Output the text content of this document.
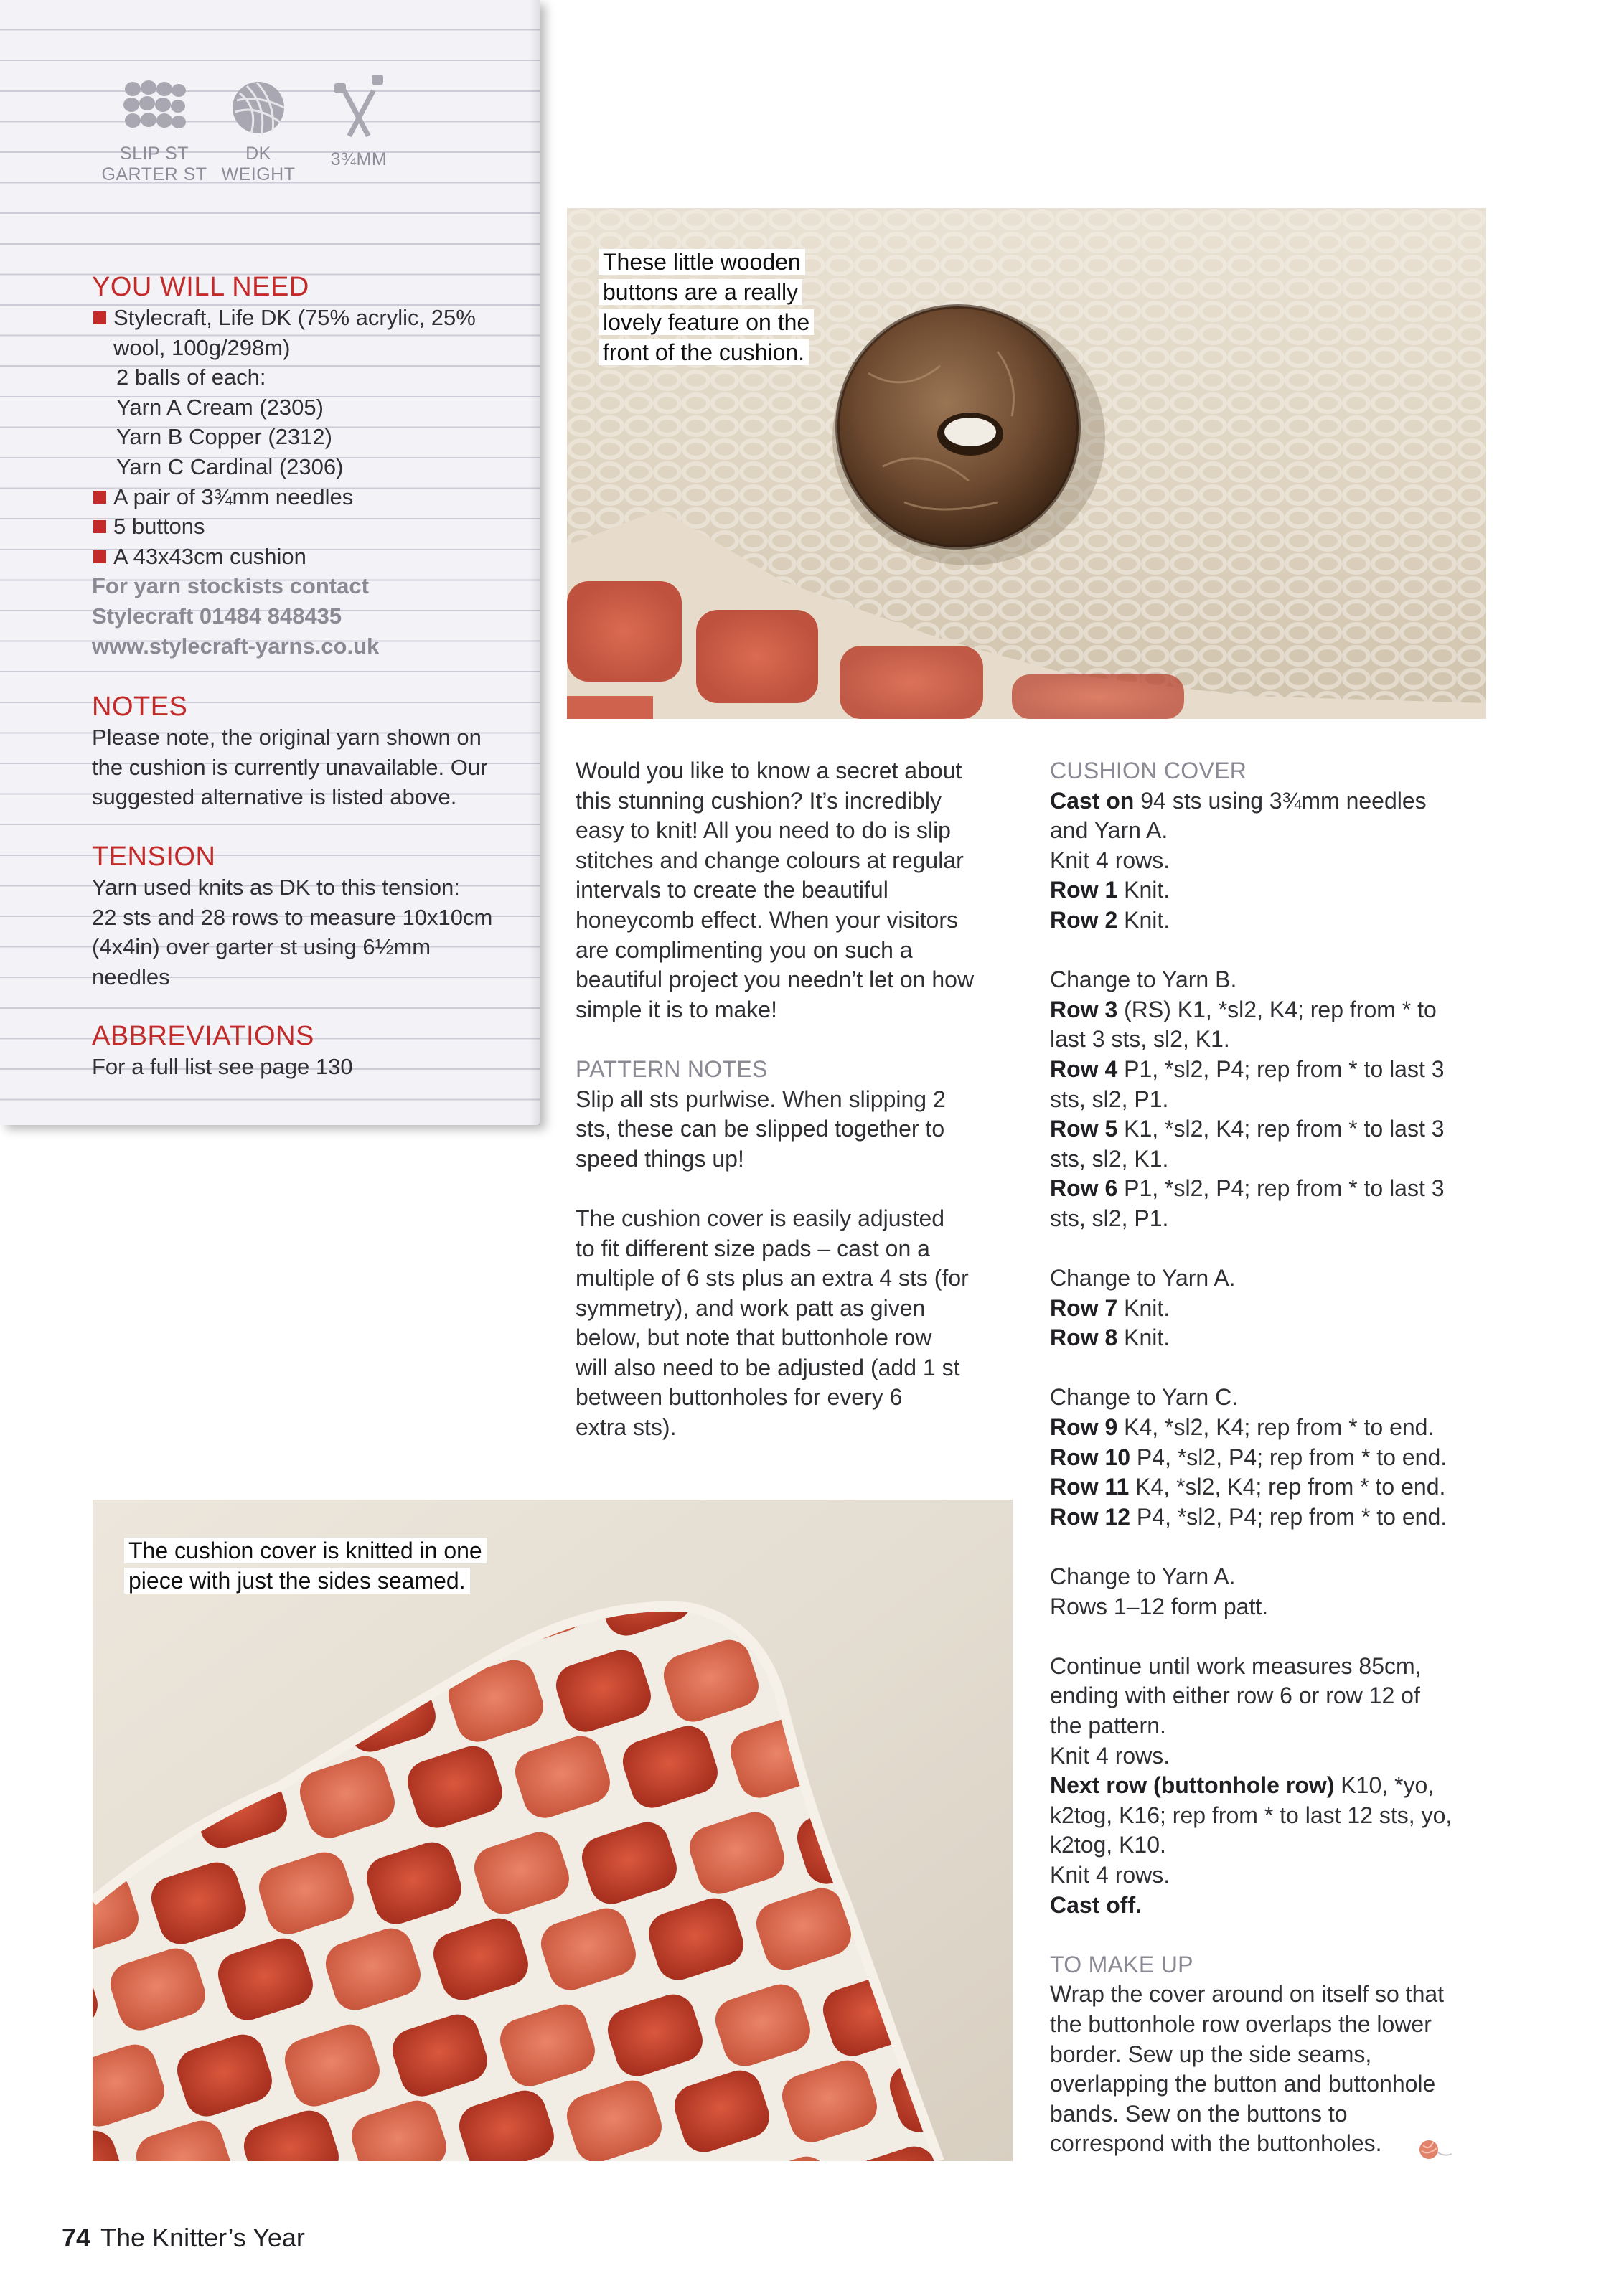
SLIP ST
GARTER ST
DK
WEIGHT
3¾MM
YOU WILL NEED
Stylecraft, Life DK (75% acrylic, 25%
wool, 100g/298m)
2 balls of each:
Yarn A Cream (2305)
Yarn B Copper (2312)
Yarn C Cardinal (2306)
A pair of 3¾mm needles
5 buttons
A 43x43cm cushion
For yarn stockists contact
Stylecraft 01484 848435
www.stylecraft-yarns.co.uk
NOTES
Please note, the original yarn shown on
the cushion is currently unavailable. Our
suggested alternative is listed above.
TENSION
Yarn used knits as DK to this tension:
22 sts and 28 rows to measure 10x10cm
(4x4in) over garter st using 6½mm
needles
ABBREVIATIONS
For a full list see page 130
These little wooden
buttons are a really
lovely feature on the
front of the cushion.
Would you like to know a secret about
this stunning cushion? It’s incredibly
easy to knit! All you need to do is slip
stitches and change colours at regular
intervals to create the beautiful
honeycomb effect. When your visitors
are complimenting you on such a
beautiful project you needn’t let on how
simple it is to make!
PATTERN NOTES
Slip all sts purlwise. When slipping 2
sts, these can be slipped together to
speed things up!
The cushion cover is easily adjusted
to fit different size pads – cast on a
multiple of 6 sts plus an extra 4 sts (for
symmetry), and work patt as given
below, but note that buttonhole row
will also need to be adjusted (add 1 st
between buttonholes for every 6
extra sts).
CUSHION COVER

Cast on 94 sts using 3¾mm needles

and Yarn A.

Knit 4 rows.

Row 1 Knit.

Row 2 Knit.

Change to Yarn B.

Row 3 (RS) K1, *sl2, K4; rep from * to

last 3 sts, sl2, K1.

Row 4 P1, *sl2, P4; rep from * to last 3

sts, sl2, P1.

Row 5 K1, *sl2, K4; rep from * to last 3

sts, sl2, K1.

Row 6 P1, *sl2, P4; rep from * to last 3

sts, sl2, P1.

Change to Yarn A.

Row 7 Knit.

Row 8 Knit.

Change to Yarn C.

Row 9 K4, *sl2, K4; rep from * to end.

Row 10 P4, *sl2, P4; rep from * to end.

Row 11 K4, *sl2, K4; rep from * to end.

Row 12 P4, *sl2, P4; rep from * to end.

Change to Yarn A.

Rows 1–12 form patt.

Continue until work measures 85cm,

ending with either row 6 or row 12 of

the pattern.

Knit 4 rows.

Next row (buttonhole row) K10, *yo,

k2tog, K16; rep from * to last 12 sts, yo,

k2tog, K10.

Knit 4 rows.

Cast off.

TO MAKE UP
Wrap the cover around on itself so that
the buttonhole row overlaps the lower
border. Sew up the side seams,
overlapping the button and buttonhole
bands. Sew on the buttons to
correspond with the buttonholes.
The cushion cover is knitted in one
piece with just the sides seamed.
74 The Knitter’s Year
